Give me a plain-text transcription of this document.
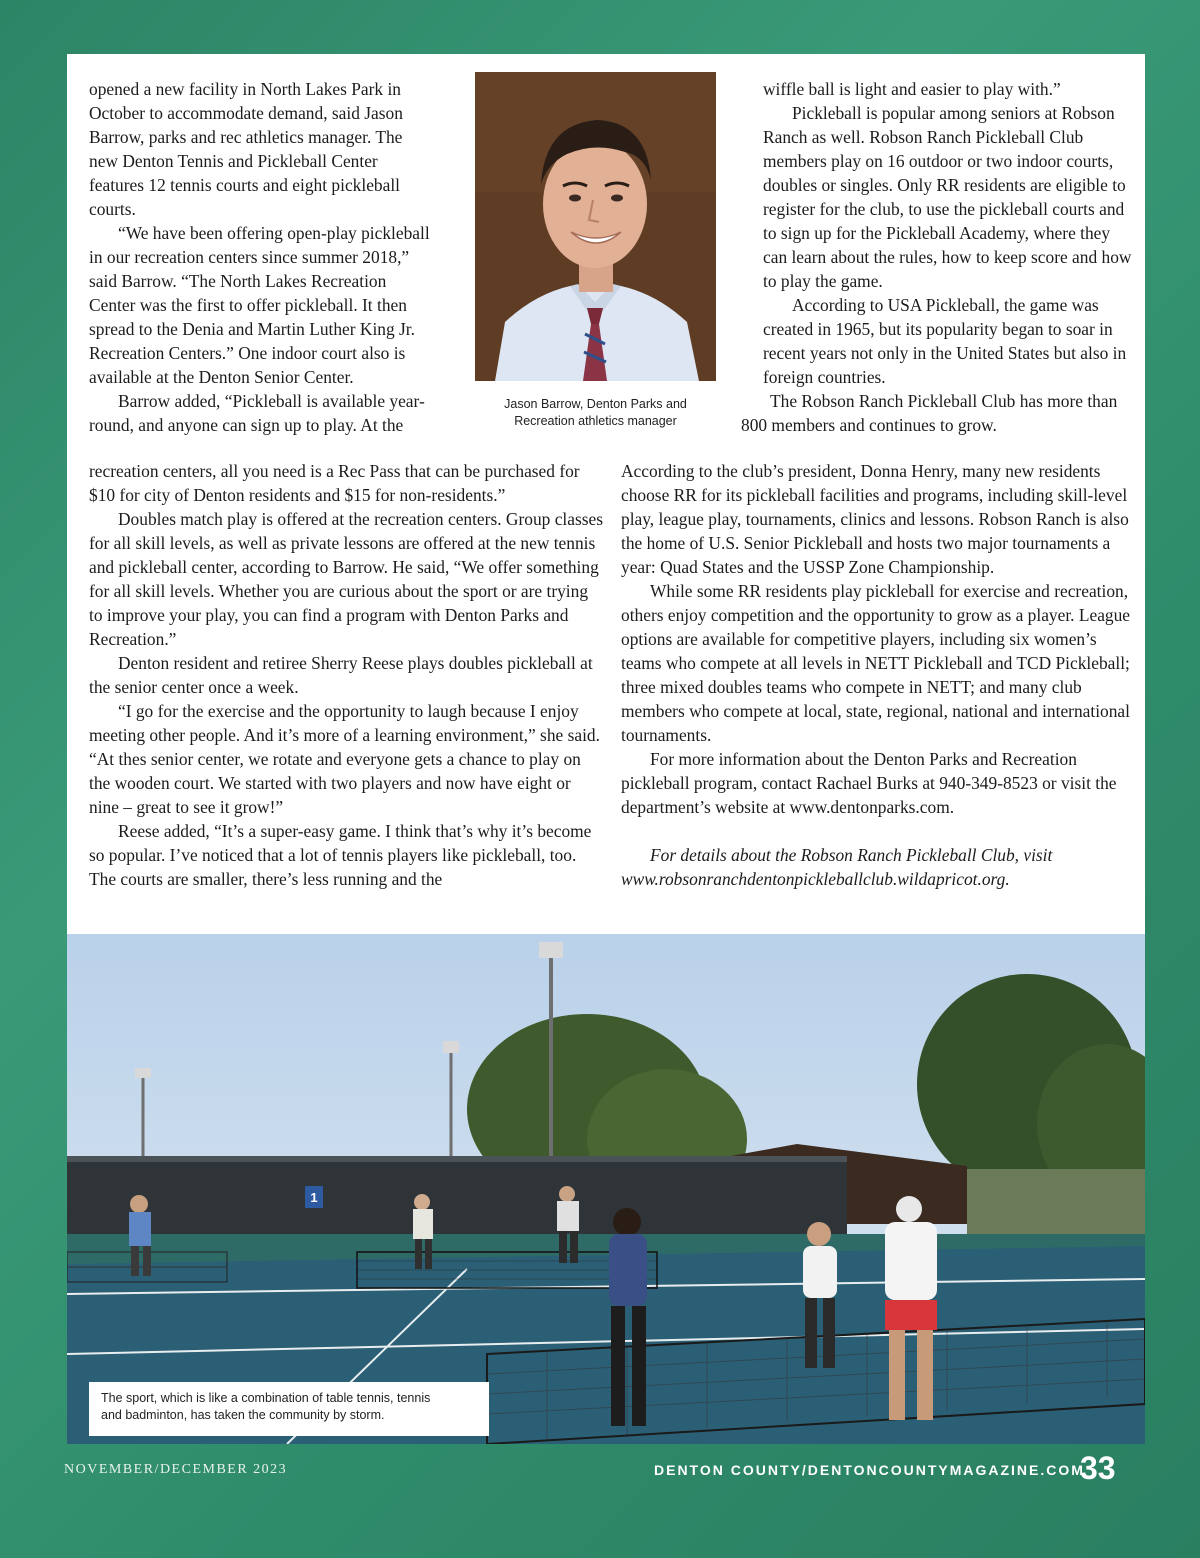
opened a new facility in North Lakes Park in October to accommodate demand, said Jason Barrow, parks and rec athletics manager. The new Denton Tennis and Pickleball Center features 12 tennis courts and eight pickleball courts.

“We have been offering open-play pickleball in our recreation centers since summer 2018,” said Barrow. “The North Lakes Recreation Center was the first to offer pickleball. It then spread to the Denia and Martin Luther King Jr. Recreation Centers.” One indoor court also is available at the Denton Senior Center.

Barrow added, “Pickleball is available year-round, and anyone can sign up to play. At the

Jason Barrow, Denton Parks and
Recreation athletics manager

recreation centers, all you need is a Rec Pass that can be purchased for $10 for city of Denton residents and $15 for non-residents.”

Doubles match play is offered at the recreation centers. Group classes for all skill levels, as well as private lessons are offered at the new tennis and pickleball center, according to Barrow. He said, “We offer something for all skill levels. Whether you are curious about the sport or are trying to improve your play, you can find a program with Denton Parks and Recreation.”

Denton resident and retiree Sherry Reese plays doubles pickleball at the senior center once a week.

“I go for the exercise and the opportunity to laugh because I enjoy meeting other people. And it’s more of a learning environment,” she said. “At thes senior center, we rotate and everyone gets a chance to play on the wooden court. We started with two players and now have eight or nine – great to see it grow!”

Reese added, “It’s a super-easy game. I think that’s why it’s become so popular. I’ve noticed that a lot of tennis players like pickleball, too. The courts are smaller, there’s less running and the

wiffle ball is light and easier to play with.”

Pickleball is popular among seniors at Robson Ranch as well. Robson Ranch Pickleball Club members play on 16 outdoor or two indoor courts, doubles or singles. Only RR residents are eligible to register for the club, to use the pickleball courts and to sign up for the Pickleball Academy, where they can learn about the rules, how to keep score and how to play the game.

According to USA Pickleball, the game was created in 1965, but its popularity began to soar in recent years not only in the United States but also in foreign countries.

The Robson Ranch Pickleball Club has more than 800 members and continues to grow.

According to the club’s president, Donna Henry, many new residents choose RR for its pickleball facilities and programs, including skill-level play, league play, tournaments, clinics and lessons. Robson Ranch is also the home of U.S. Senior Pickleball and hosts two major tournaments a year: Quad States and the USSP Zone Championship.

While some RR residents play pickleball for exercise and recreation, others enjoy competition and the opportunity to grow as a player. League options are available for competitive players, including six women’s teams who compete at all levels in NETT Pickleball and TCD Pickleball; three mixed doubles teams who compete in NETT; and many club members who compete at local, state, regional, national and international tournaments.

For more information about the Denton Parks and Recreation pickleball program, contact Rachael Burks at 940-349-8523 or visit the department’s website at www.dentonparks.com.

For details about the Robson Ranch Pickleball Club, visit www.robsonranchdentonpickleballclub.wildapricot.org.

1
The sport, which is like a combination of table tennis, tennis
and badminton, has taken the community by storm.
NOVEMBER/DECEMBER 2023	DENTON COUNTY/DENTONCOUNTYMAGAZINE.COM
33
